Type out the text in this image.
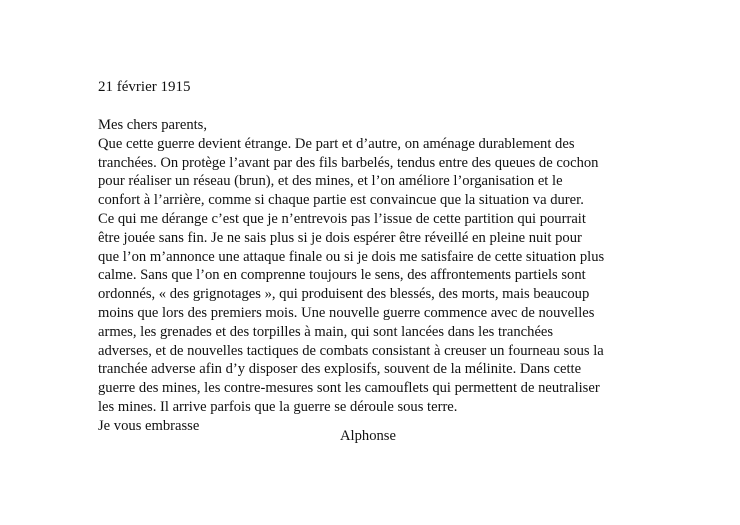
21 février 1915
Mes chers parents,
Que cette guerre devient étrange. De part et d’autre, on aménage durablement des
tranchées. On protège l’avant par des fils barbelés, tendus entre des queues de cochon
pour réaliser un réseau (brun), et des mines, et l’on améliore l’organisation et le
confort à l’arrière, comme si chaque partie est convaincue que la situation va durer.
Ce qui me dérange c’est que je n’entrevois pas l’issue de cette partition qui pourrait
être jouée sans fin. Je ne sais plus si je dois espérer être réveillé en pleine nuit pour
que l’on m’annonce une attaque finale ou si je dois me satisfaire de cette situation plus
calme. Sans que l’on en comprenne toujours le sens, des affrontements partiels sont
ordonnés, « des grignotages », qui produisent des blessés, des morts, mais beaucoup
moins que lors des premiers mois. Une nouvelle guerre commence avec de nouvelles
armes, les grenades et des torpilles à main, qui sont lancées dans les tranchées
adverses, et de nouvelles tactiques de combats consistant à creuser un fourneau sous la
tranchée adverse afin d’y disposer des explosifs, souvent de la mélinite. Dans cette
guerre des mines, les contre-mesures sont les camouflets qui permettent de neutraliser
les mines. Il arrive parfois que la guerre se déroule sous terre.
Je vous embrasse
Alphonse
